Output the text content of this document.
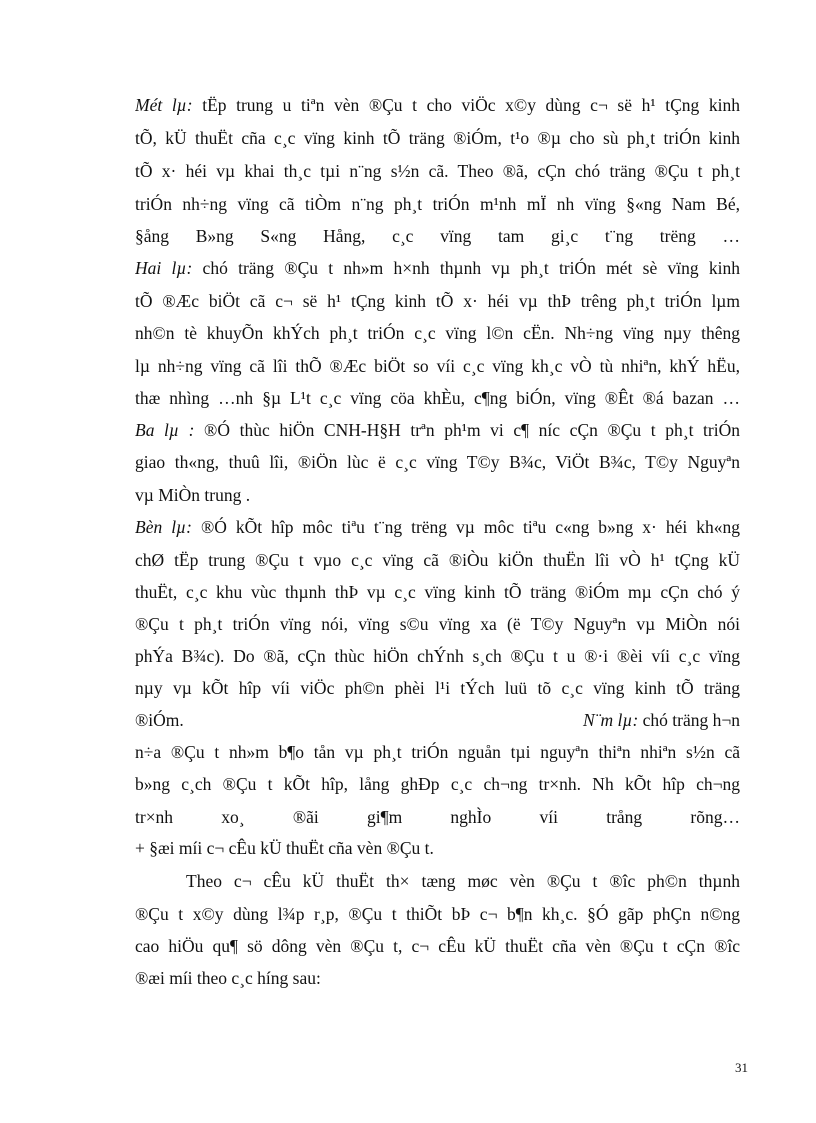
Mét lµ: tËp trung u tiªn vèn ®Çu t cho viÖc x©y dùng c¬ së h¹ tÇng kinh
tÕ, kÜ thuËt cña c¸c vïng kinh tÕ träng ®iÓm, t¹o ®µ cho sù ph¸t triÓn kinh
tÕ x· héi vµ khai th¸c tµi n¨ng s½n cã. Theo ®ã, cÇn chó träng ®Çu t ph¸t
triÓn nh÷ng vïng cã tiÒm n¨ng ph¸t triÓn m¹nh mÏ nh vïng §«ng Nam Bé,
§ång B»ng S«ng Hång, c¸c vïng tam gi¸c t¨ng trëng …
Hai lµ: chó träng ®Çu t nh»m h×nh thµnh vµ ph¸t triÓn mét sè vïng kinh
tÕ ®Æc biÖt cã c¬ së h¹ tÇng kinh tÕ x· héi vµ thÞ trêng ph¸t triÓn lµm
nh©n tè khuyÕn khÝch ph¸t triÓn c¸c vïng l©n cËn. Nh÷ng vïng nµy thêng
lµ nh÷ng vïng cã lîi thÕ ®Æc biÖt so víi c¸c vïng kh¸c vÒ tù nhiªn, khÝ hËu,
thæ nhìng …nh §µ L¹t c¸c vïng cöa khÈu, c¶ng biÓn, vïng ®Êt ®á bazan …
Ba lµ : ®Ó thùc hiÖn CNH-H§H trªn ph¹m vi c¶ níc cÇn ®Çu t ph¸t triÓn
giao th«ng, thuû lîi, ®iÖn lùc ë c¸c vïng T©y B¾c, ViÖt B¾c, T©y Nguyªn
vµ MiÒn trung .
Bèn lµ: ®Ó kÕt hîp môc tiªu t¨ng trëng vµ môc tiªu c«ng b»ng x· héi kh«ng
chØ tËp trung ®Çu t vµo c¸c vïng cã ®iÒu kiÖn thuËn lîi vÒ h¹ tÇng kÜ
thuËt, c¸c khu vùc thµnh thÞ vµ c¸c vïng kinh tÕ träng ®iÓm mµ cÇn chó ý
®Çu t ph¸t triÓn vïng nói, vïng s©u vïng xa (ë T©y Nguyªn vµ MiÒn nói
phÝa B¾c). Do ®ã, cÇn thùc hiÖn chÝnh s¸ch ®Çu t u ®·i ®èi víi c¸c vïng
nµy vµ kÕt hîp víi viÖc ph©n phèi l¹i tÝch luü tõ c¸c vïng kinh tÕ träng
®iÓm.	N¨m lµ: chó träng h¬n
n÷a ®Çu t nh»m b¶o tån vµ ph¸t triÓn nguån tµi nguyªn thiªn nhiªn s½n cã
b»ng c¸ch ®Çu t kÕt hîp, lång ghÐp c¸c ch¬ng tr×nh. Nh kÕt hîp ch¬ng
tr×nh xo¸ ®ãi gi¶m nghÌo víi trång rõng…
+ §æi míi c¬ cÊu kÜ thuËt cña vèn ®Çu t.
Theo c¬ cÊu kÜ thuËt th× tæng møc vèn ®Çu t ®îc ph©n thµnh
®Çu t x©y dùng l¾p r¸p, ®Çu t thiÕt bÞ c¬ b¶n kh¸c. §Ó gãp phÇn n©ng
cao hiÖu qu¶ sö dông vèn ®Çu t, c¬ cÊu kÜ thuËt cña vèn ®Çu t cÇn ®îc
®æi míi theo c¸c híng sau:
31
